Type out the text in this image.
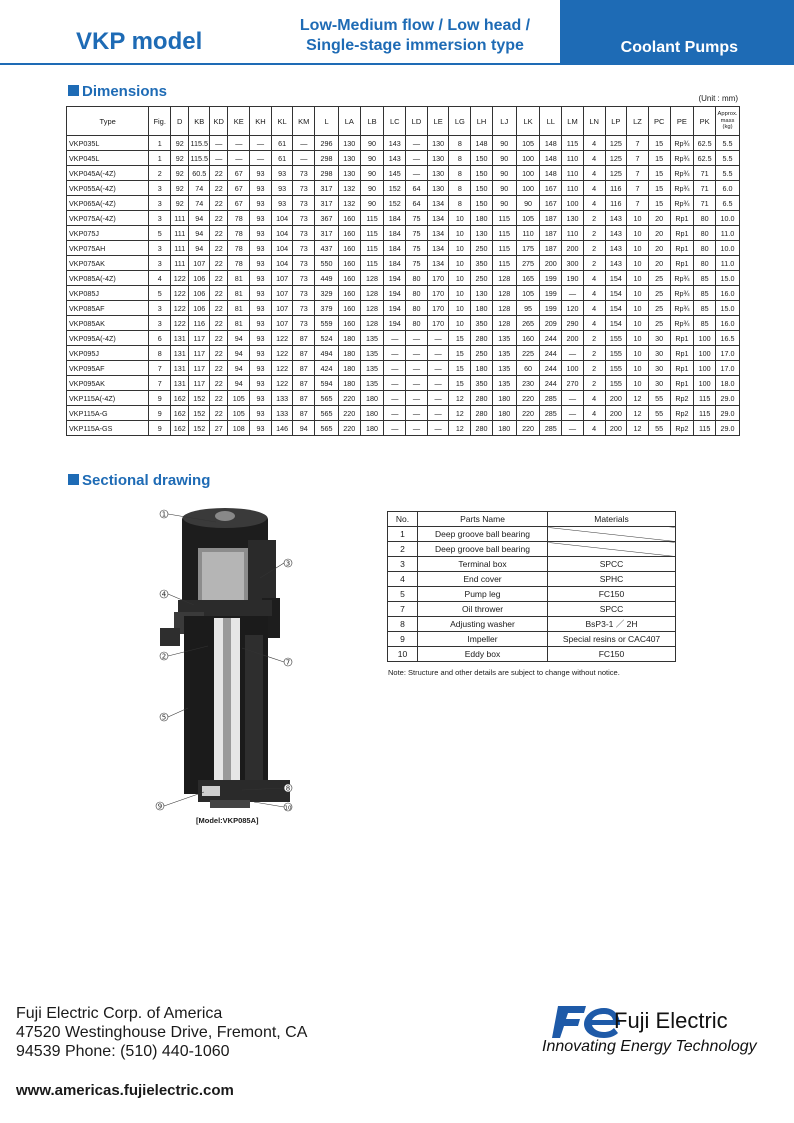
VKP model
Low-Medium flow / Low head /
Single-stage immersion type	Coolant Pumps
Dimensions	(Unit : mm)
Type	Fig.	D	KB	KD	KE	KH	KL	KM	L	LA	LB	LC	LD	LE	LG	LH	LJ	LK	LL	LM	LN	LP	LZ	PC	PE	PK	Approx. mass (kg)
VKP035L	1	92	115.5	—	—	—	61	—	296	130	90	143	—	130	8	148	90	105	148	115	4	125	7	15	Rp¾	62.5	5.5
VKP045L	1	92	115.5	—	—	—	61	—	298	130	90	143	—	130	8	150	90	100	148	110	4	125	7	15	Rp¾	62.5	5.5
VKP045A(-4Z)	2	92	60.5	22	67	93	93	73	298	130	90	145	—	130	8	150	90	100	148	110	4	125	7	15	Rp¾	71	5.5
VKP055A(-4Z)	3	92	74	22	67	93	93	73	317	132	90	152	64	130	8	150	90	100	167	110	4	116	7	15	Rp¾	71	6.0
VKP065A(-4Z)	3	92	74	22	67	93	93	73	317	132	90	152	64	134	8	150	90	90	167	100	4	116	7	15	Rp¾	71	6.5
VKP075A(-4Z)	3	111	94	22	78	93	104	73	367	160	115	184	75	134	10	180	115	105	187	130	2	143	10	20	Rp1	80	10.0
VKP075J	5	111	94	22	78	93	104	73	317	160	115	184	75	134	10	130	115	110	187	110	2	143	10	20	Rp1	80	11.0
VKP075AH	3	111	94	22	78	93	104	73	437	160	115	184	75	134	10	250	115	175	187	200	2	143	10	20	Rp1	80	10.0
VKP075AK	3	111	107	22	78	93	104	73	550	160	115	184	75	134	10	350	115	275	200	300	2	143	10	20	Rp1	80	11.0
VKP085A(-4Z)	4	122	106	22	81	93	107	73	449	160	128	194	80	170	10	250	128	165	199	190	4	154	10	25	Rp¾	85	15.0
VKP085J	5	122	106	22	81	93	107	73	329	160	128	194	80	170	10	130	128	105	199	—	4	154	10	25	Rp¾	85	16.0
VKP085AF	3	122	106	22	81	93	107	73	379	160	128	194	80	170	10	180	128	95	199	120	4	154	10	25	Rp¾	85	15.0
VKP085AK	3	122	116	22	81	93	107	73	559	160	128	194	80	170	10	350	128	265	209	290	4	154	10	25	Rp¾	85	16.0
VKP095A(-4Z)	6	131	117	22	94	93	122	87	524	180	135	—	—	—	15	280	135	160	244	200	2	155	10	30	Rp1	100	16.5
VKP095J	8	131	117	22	94	93	122	87	494	180	135	—	—	—	15	250	135	225	244	—	2	155	10	30	Rp1	100	17.0
VKP095AF	7	131	117	22	94	93	122	87	424	180	135	—	—	—	15	180	135	60	244	100	2	155	10	30	Rp1	100	17.0
VKP095AK	7	131	117	22	94	93	122	87	594	180	135	—	—	—	15	350	135	230	244	270	2	155	10	30	Rp1	100	18.0
VKP115A(-4Z)	9	162	152	22	105	93	133	87	565	220	180	—	—	—	12	280	180	220	285	—	4	200	12	55	Rp2	115	29.0
VKP115A-G	9	162	152	22	105	93	133	87	565	220	180	—	—	—	12	280	180	220	285	—	4	200	12	55	Rp2	115	29.0
VKP115A-GS	9	162	152	27	108	93	146	94	565	220	180	—	—	—	12	280	180	220	285	—	4	200	12	55	Rp2	115	29.0
Sectional drawing
1
3
4
2
5
7
8
9	10
[Model:VKP085A]
No.	Parts Name	Materials
1	Deep groove ball bearing	
2	Deep groove ball bearing	
3	Terminal box	SPCC
4	End cover	SPHC
5	Pump leg	FC150
7	Oil thrower	SPCC
8	Adjusting washer	BsP3-1 ／ 2H
9	Impeller	Special resins or CAC407
10	Eddy box	FC150
Note: Structure and other details are subject to change without notice.
Fuji Electric Corp. of America
47520 Westinghouse Drive, Fremont, CA
94539 Phone: (510) 440-1060
www.americas.fujielectric.com
Fuji Electric
Innovating Energy Technology
